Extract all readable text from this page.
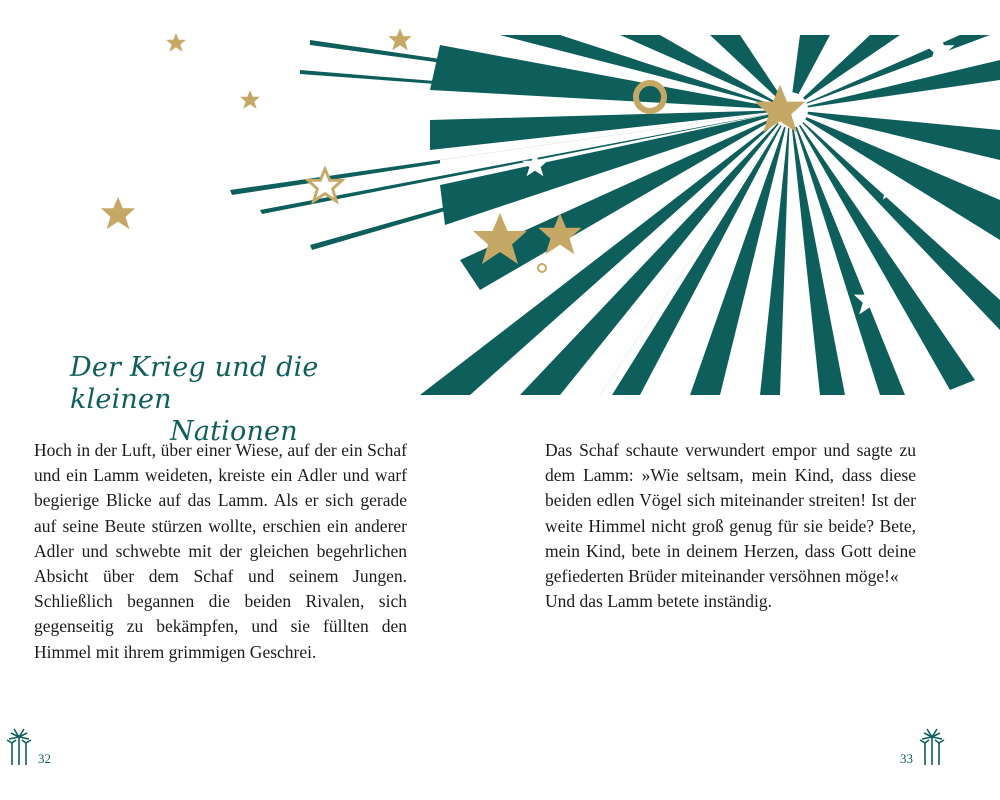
Der Krieg und die kleinen
Nationen

Hoch in der Luft, über einer Wiese, auf der ein Schaf und ein Lamm weideten, kreiste ein Adler und warf begierige Blicke auf das Lamm. Als er sich gerade auf seine Beute stürzen wollte, erschien ein anderer Adler und schwebte mit der gleichen begehrlichen Absicht über dem Schaf und seinem Jungen. Schließlich begannen die beiden Rivalen, sich gegenseitig zu bekämpfen, und sie füllten den Himmel mit ihrem grimmigen Geschrei.

Das Schaf schaute verwundert empor und sagte zu dem Lamm: »Wie seltsam, mein Kind, dass diese beiden edlen Vögel sich miteinander streiten! Ist der weite Himmel nicht groß genug für sie beide? Bete, mein Kind, bete in deinem Herzen, dass Gott deine gefiederten Brüder miteinander versöhnen möge!«

Und das Lamm betete inständig.

32	33
